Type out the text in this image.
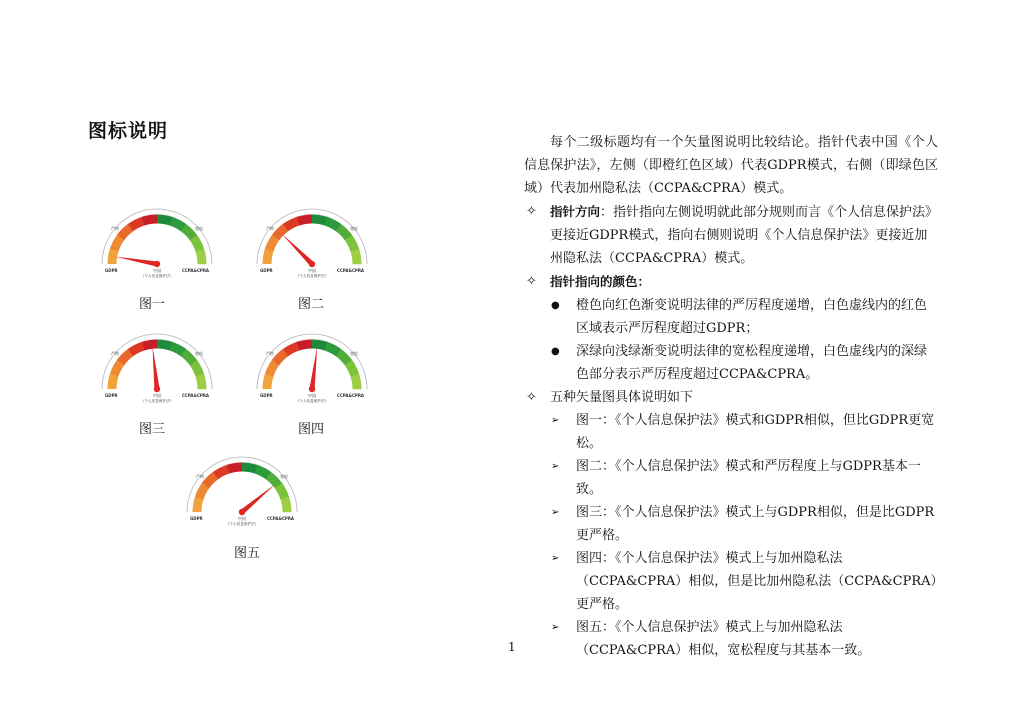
图标说明
严格	宽松
GDPR	CCPA&CPRA
中国
《个人信息保护法》
图一
严格	宽松
GDPR	CCPA&CPRA
中国
《个人信息保护法》
图二
严格	宽松
GDPR	CCPA&CPRA
中国
《个人信息保护法》
图三
严格	宽松
GDPR	CCPA&CPRA
中国
《个人信息保护法》
图四
严格	宽松
GDPR	CCPA&CPRA
中国
《个人信息保护法》
图五
每个二级标题均有一个矢量图说明比较结论。指针代表中国《个人信息保护法》，左侧（即橙红色区域）代表GDPR模式，右侧（即绿色区域）代表加州隐私法（CCPA&CPRA）模式。
✧ 指针方向：指针指向左侧说明就此部分规则而言《个人信息保护法》更接近GDPR模式，指向右侧则说明《个人信息保护法》更接近加州隐私法（CCPA&CPRA）模式。
✧ 指针指向的颜色：
● 橙色向红色渐变说明法律的严厉程度递增，白色虚线内的红色区域表示严厉程度超过GDPR；
● 深绿向浅绿渐变说明法律的宽松程度递增，白色虚线内的深绿色部分表示严厉程度超过CCPA&CPRA。
✧ 五种矢量图具体说明如下
➢ 图一：《个人信息保护法》模式和GDPR相似，但比GDPR更宽松。
➢ 图二：《个人信息保护法》模式和严厉程度上与GDPR基本一致。
➢ 图三：《个人信息保护法》模式上与GDPR相似，但是比GDPR更严格。
➢ 图四：《个人信息保护法》模式上与加州隐私法（CCPA&CPRA）相似，但是比加州隐私法（CCPA&CPRA）更严格。
➢ 图五：《个人信息保护法》模式上与加州隐私法（CCPA&CPRA）相似，宽松程度与其基本一致。
1
